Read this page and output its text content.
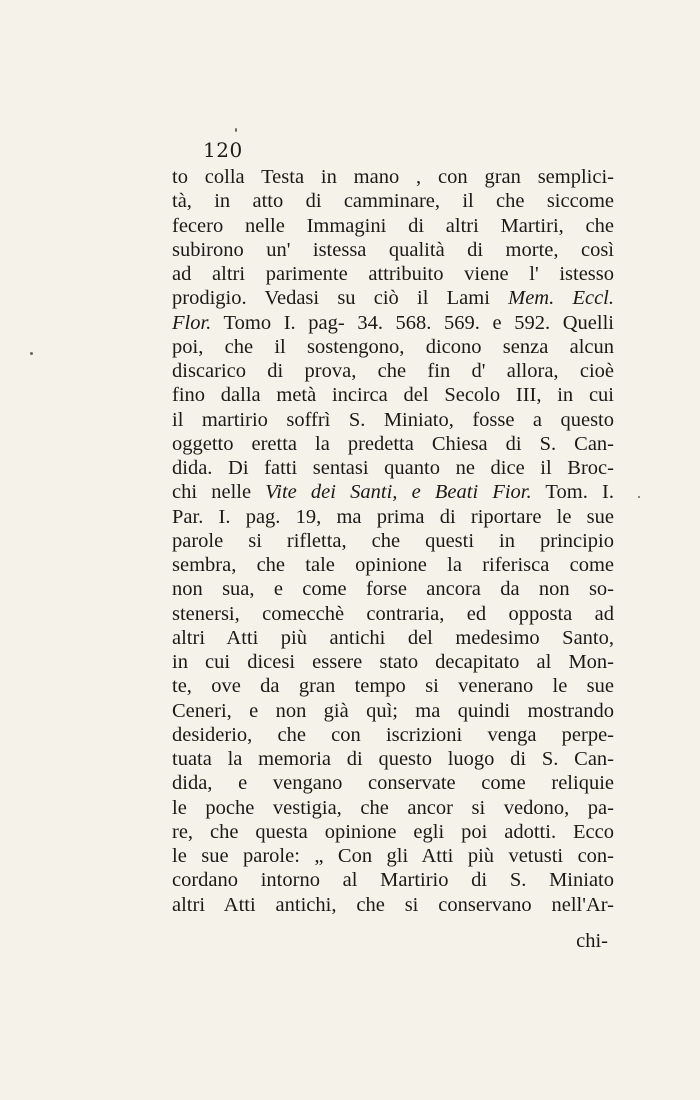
120
to colla Testa in mano , con gran semplici-
tà, in atto di camminare, il che siccome
fecero nelle Immagini di altri Martiri, che
subirono un' istessa qualità di morte, così
ad altri parimente attribuito viene l' istesso
prodigio. Vedasi su ciò il Lami Mem. Eccl.
Flor. Tomo I. pag- 34. 568. 569. e 592. Quelli
poi, che il sostengono, dicono senza alcun
discarico di prova, che fin d' allora, cioè
fino dalla metà incirca del Secolo III, in cui
il martirio soffrì S. Miniato, fosse a questo
oggetto eretta la predetta Chiesa di S. Can-
dida. Di fatti sentasi quanto ne dice il Broc-
chi nelle Vite dei Santi, e Beati Fior. Tom. I.
Par. I. pag. 19, ma prima di riportare le sue
parole si rifletta, che questi in principio
sembra, che tale opinione la riferisca come
non sua, e come forse ancora da non so-
stenersi, comecchè contraria, ed opposta ad
altri Atti più antichi del medesimo Santo,
in cui dicesi essere stato decapitato al Mon-
te, ove da gran tempo si venerano le sue
Ceneri, e non già quì; ma quindi mostrando
desiderio, che con iscrizioni venga perpe-
tuata la memoria di questo luogo di S. Can-
dida, e vengano conservate come reliquie
le poche vestigia, che ancor si vedono, pa-
re, che questa opinione egli poi adotti. Ecco
le sue parole: „ Con gli Atti più vetusti con-
cordano intorno al Martirio di S. Miniato
altri Atti antichi, che si conservano nell'Ar-
chi-
